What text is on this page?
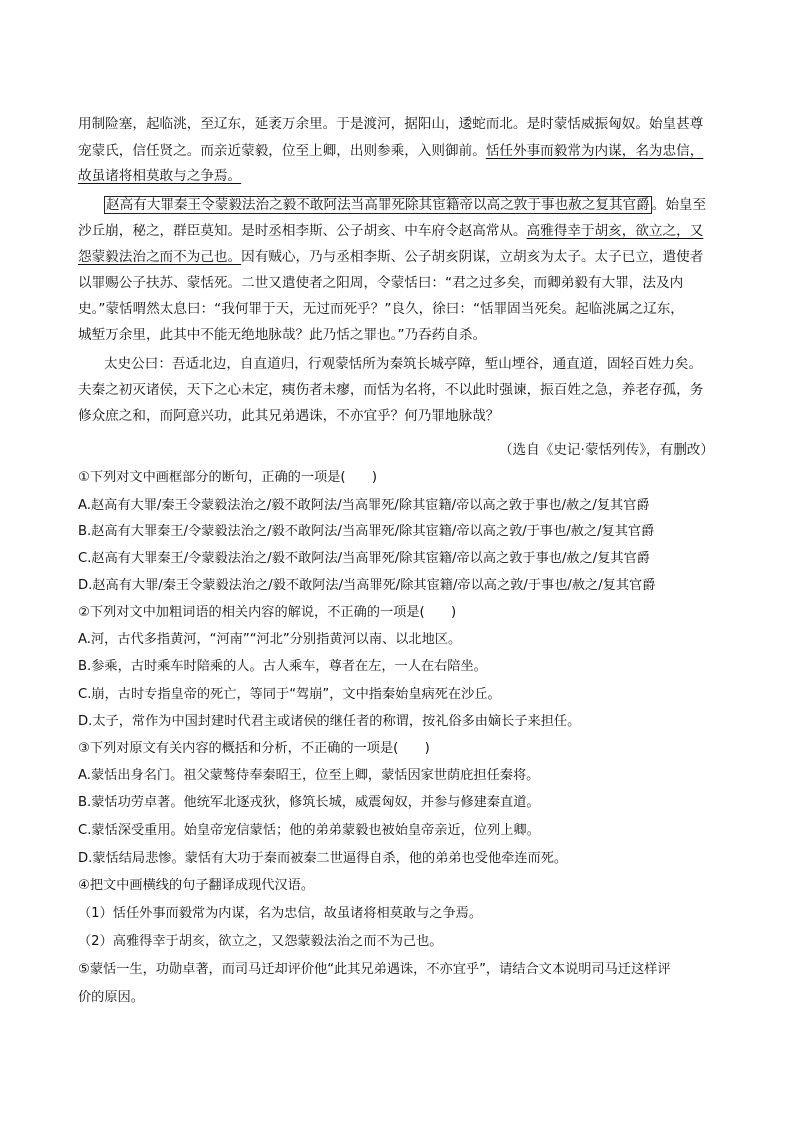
用制险塞，起临洮，至辽东，延袤万余里。于是渡河，据阳山，逶蛇而北。是时蒙恬威振匈奴。始皇甚尊
宠蒙氏，信任贤之。而亲近蒙毅，位至上卿，出则参乘，入则御前。恬任外事而毅常为内谋，名为忠信，
故虽诸将相莫敢与之争焉。
赵高有大罪秦王令蒙毅法治之毅不敢阿法当高罪死除其宦籍帝以高之敦于事也赦之复其官爵 。始皇至
沙丘崩，秘之，群臣莫知。是时丞相李斯、公子胡亥、中车府令赵高常从。高雅得幸于胡亥，欲立之，又
怨蒙毅法治之而不为己也。因有贼心，乃与丞相李斯、公子胡亥阴谋，立胡亥为太子。太子已立，遣使者
以罪赐公子扶苏、蒙恬死。二世又遣使者之阳周，令蒙恬曰：“君之过多矣，而卿弟毅有大罪，法及内
史。”蒙恬喟然太息曰：“我何罪于天，无过而死乎？”良久，徐曰：“恬罪固当死矣。起临洮属之辽东，
城堑万余里，此其中不能无绝地脉哉？此乃恬之罪也。”乃吞药自杀。
太史公曰：吾适北边，自直道归，行观蒙恬所为秦筑长城亭障，堑山堙谷，通直道，固轻百姓力矣。
夫秦之初灭诸侯，天下之心未定，痍伤者未瘳，而恬为名将，不以此时强谏，振百姓之急，养老存孤，务
修众庶之和，而阿意兴功，此其兄弟遇诛，不亦宜乎？何乃罪地脉哉？
（选自《史记·蒙恬列传》，有删改）
①下列对文中画框部分的断句，正确的一项是(　　)
A.赵高有大罪/秦王令蒙毅法治之/毅不敢阿法/当高罪死/除其宦籍/帝以高之敦于事也/赦之/复其官爵
B.赵高有大罪秦王/令蒙毅法治之/毅不敢阿法/当高罪死/除其宦籍/帝以高之敦/于事也/赦之/复其官爵
C.赵高有大罪秦王/令蒙毅法治之/毅不敢阿法/当高罪死/除其宦籍/帝以高之敦于事也/赦之/复其官爵
D.赵高有大罪/秦王令蒙毅法治之/毅不敢阿法/当高罪死/除其宦籍/帝以高之敦/于事也/赦之/复其官爵
②下列对文中加粗词语的相关内容的解说，不正确的一项是(　　)
A.河，古代多指黄河，“河南”“河北”分别指黄河以南、以北地区。
B.参乘，古时乘车时陪乘的人。古人乘车，尊者在左，一人在右陪坐。
C.崩，古时专指皇帝的死亡，等同于“驾崩”，文中指秦始皇病死在沙丘。
D.太子，常作为中国封建时代君主或诸侯的继任者的称谓，按礼俗多由嫡长子来担任。
③下列对原文有关内容的概括和分析，不正确的一项是(　　)
A.蒙恬出身名门。祖父蒙骜侍奉秦昭王，位至上卿，蒙恬因家世荫庇担任秦将。
B.蒙恬功劳卓著。他统军北逐戎狄，修筑长城，威震匈奴，并参与修建秦直道。
C.蒙恬深受重用。始皇帝宠信蒙恬；他的弟弟蒙毅也被始皇帝亲近，位列上卿。
D.蒙恬结局悲惨。蒙恬有大功于秦而被秦二世逼得自杀，他的弟弟也受他牵连而死。
④把文中画横线的句子翻译成现代汉语。
（1）恬任外事而毅常为内谋，名为忠信，故虽诸将相莫敢与之争焉。
（2）高雅得幸于胡亥，欲立之，又怨蒙毅法治之而不为己也。
⑤蒙恬一生，功勋卓著，而司马迁却评价他“此其兄弟遇诛，不亦宜乎”，请结合文本说明司马迁这样评
价的原因。
